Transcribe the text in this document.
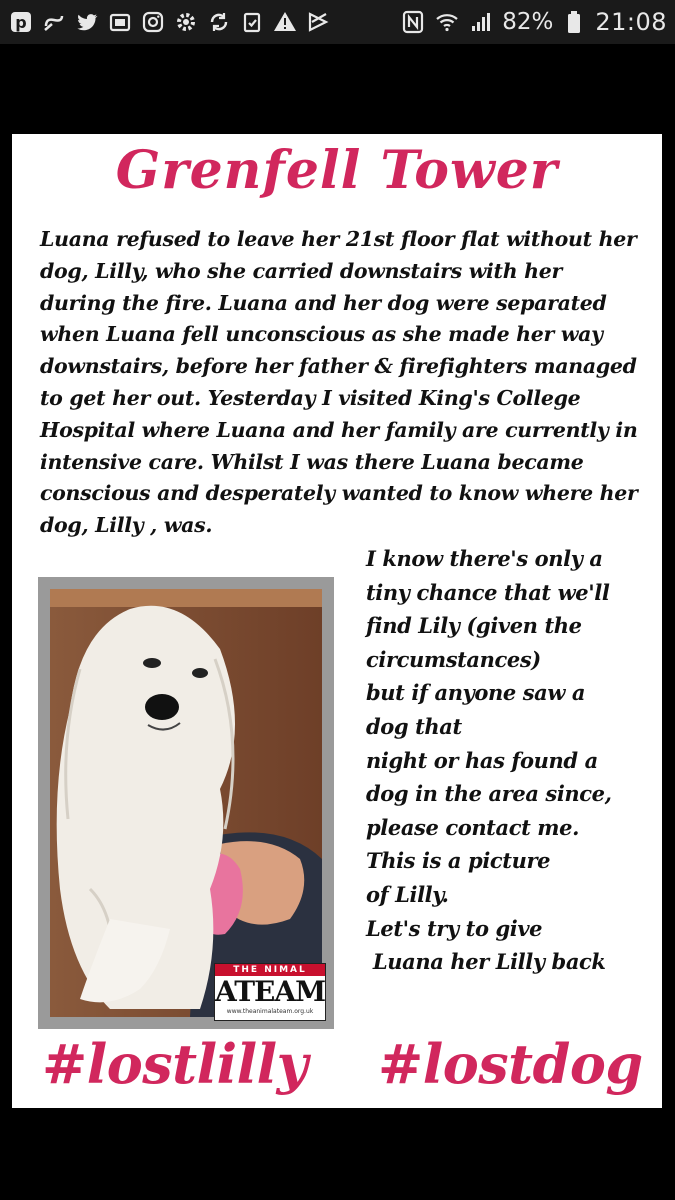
p	82% 21:08
Grenfell Tower

Luana refused to leave her 21st floor flat without her dog, Lilly, who she carried downstairs with her during the fire. Luana and her dog were separated when Luana fell unconscious as she made her way downstairs, before her father & firefighters managed to get her out. Yesterday I visited King's College Hospital where Luana and her family are currently in intensive care. Whilst I was there Luana became conscious and desperately wanted to know where her dog, Lilly , was.

THE NIMAL
ATEAM
www.theanimalateam.org.uk
I know there's only a
tiny chance that we'll
find Lily (given the
circumstances)
but if anyone saw a
dog that
night or has found a
dog in the area since,
please contact me.
This is a picture
of Lilly.
Let's try to give
Luana her Lilly back
#lostlilly #lostdog
